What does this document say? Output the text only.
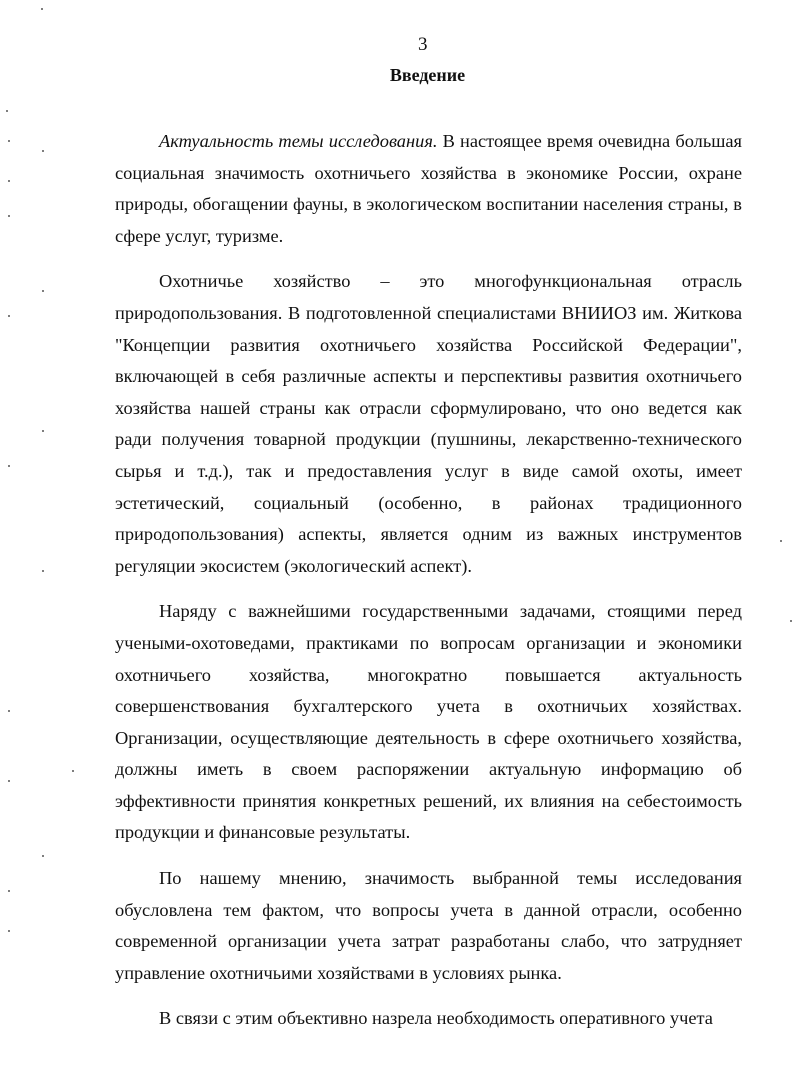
3
Введение

Актуальность темы исследования. В настоящее время очевидна большая социальная значимость охотничьего хозяйства в экономике России, охране природы, обогащении фауны, в экологическом воспитании населения страны, в сфере услуг, туризме.

Охотничье хозяйство – это многофункциональная отрасль природопользования. В подготовленной специалистами ВНИИОЗ им. Житкова "Концепции развития охотничьего хозяйства Российской Федерации", включающей в себя различные аспекты и перспективы развития охотничьего хозяйства нашей страны как отрасли сформулировано, что оно ведется как ради получения товарной продукции (пушнины, лекарственно-технического сырья и т.д.), так и предоставления услуг в виде самой охоты, имеет эстетический, социальный (особенно, в районах традиционного природопользования) аспекты, является одним из важных инструментов регуляции экосистем (экологический аспект).

Наряду с важнейшими государственными задачами, стоящими перед учеными-охотоведами, практиками по вопросам организации и экономики охотничьего хозяйства, многократно повышается актуальность совершенствования бухгалтерского учета в охотничьих хозяйствах. Организации, осуществляющие деятельность в сфере охотничьего хозяйства, должны иметь в своем распоряжении актуальную информацию об эффективности принятия конкретных решений, их влияния на себестоимость продукции и финансовые результаты.

По нашему мнению, значимость выбранной темы исследования обусловлена тем фактом, что вопросы учета в данной отрасли, особенно современной организации учета затрат разработаны слабо, что затрудняет управление охотничьими хозяйствами в условиях рынка.

В связи с этим объективно назрела необходимость оперативного учета
